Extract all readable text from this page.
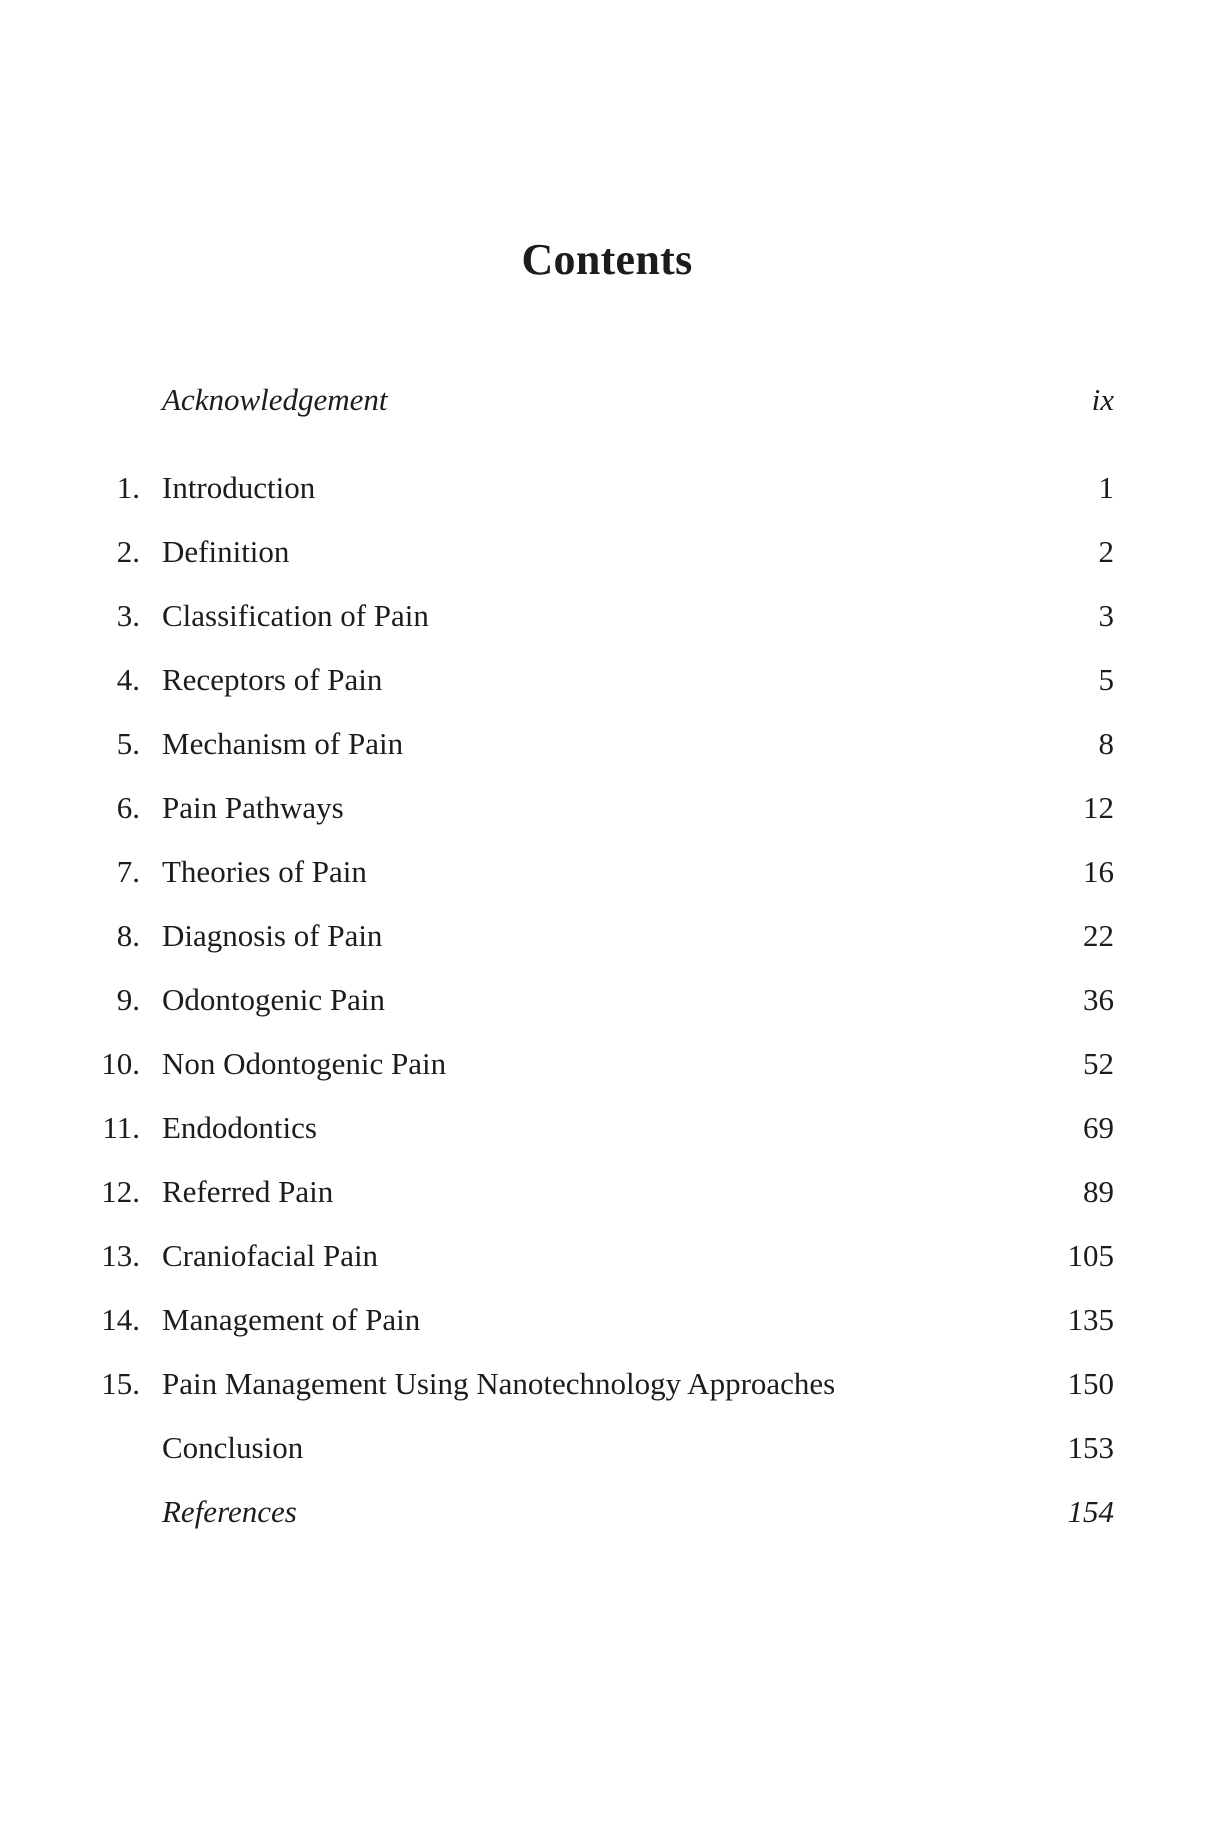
Contents
Acknowledgement	ix
1. Introduction	1
2. Definition	2
3. Classification of Pain	3
4. Receptors of Pain	5
5. Mechanism of Pain	8
6. Pain Pathways	12
7. Theories of Pain	16
8. Diagnosis of Pain	22
9. Odontogenic Pain	36
10. Non Odontogenic Pain	52
11. Endodontics	69
12. Referred Pain	89
13. Craniofacial Pain	105
14. Management of Pain	135
15. Pain Management Using Nanotechnology Approaches	150
Conclusion	153
References	154
